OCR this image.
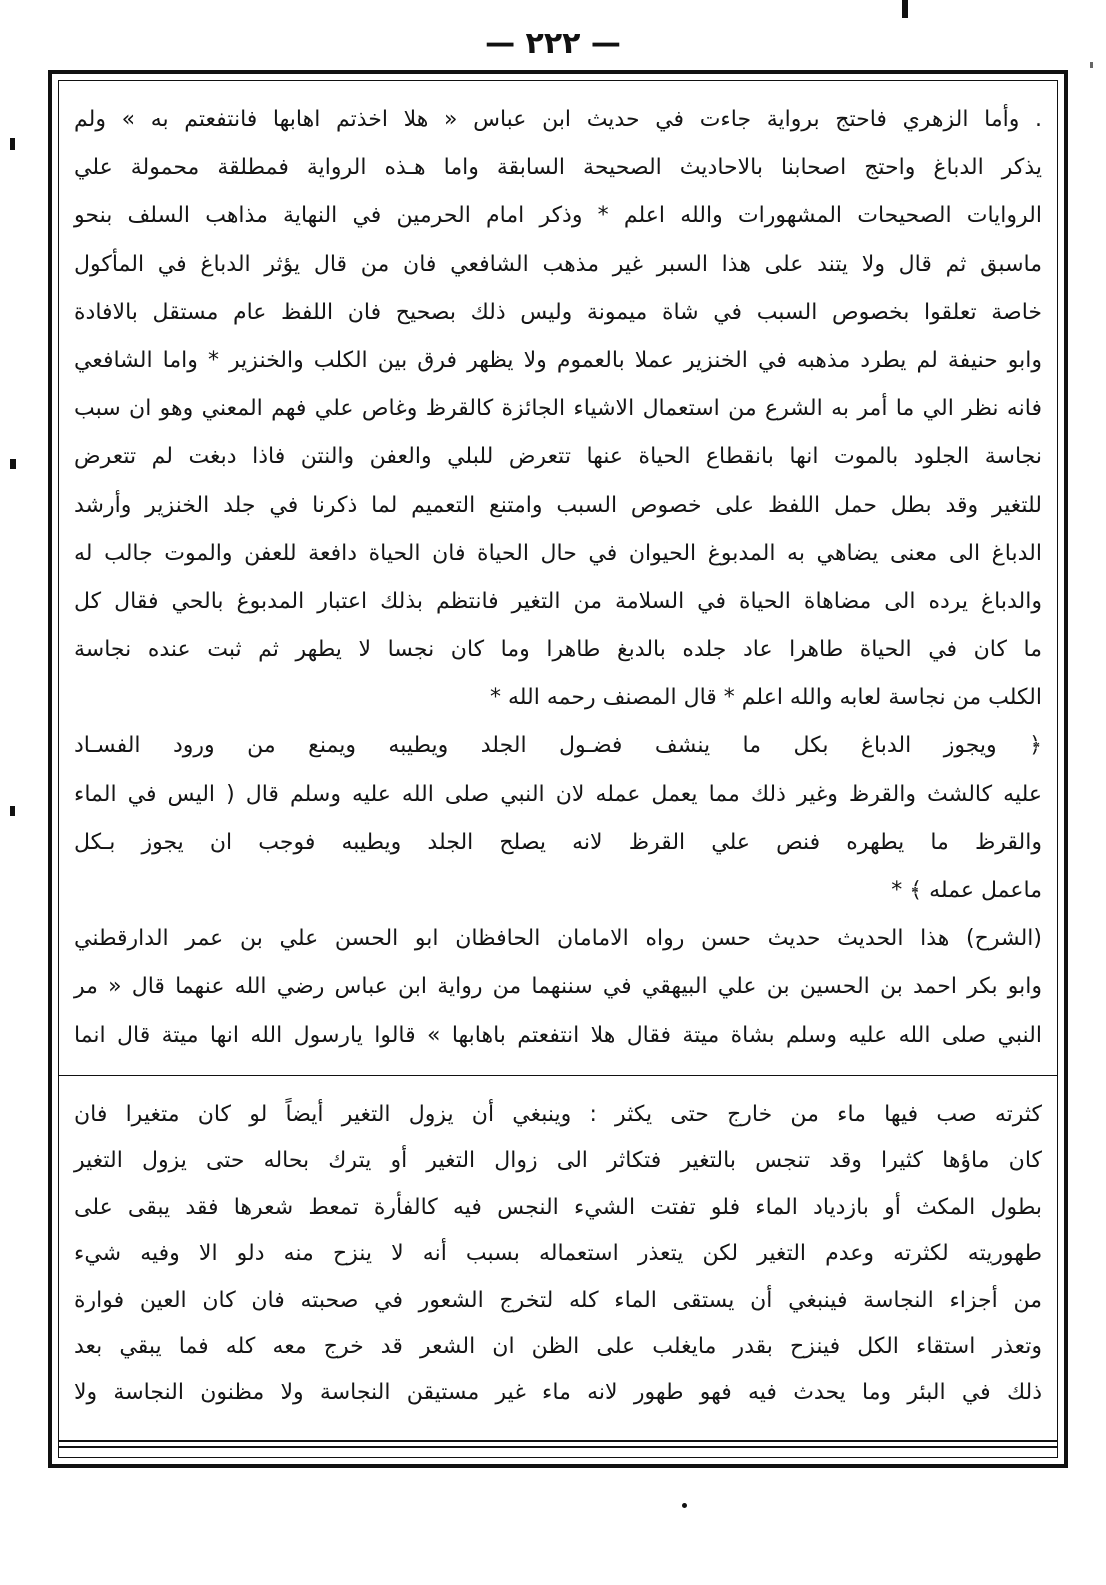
— ٢٢٢ —
. وأما الزهري فاحتج برواية جاءت في حديث ابن عباس « هلا اخذتم اهابها فانتفعتم به » ولم
يذكر الدباغ واحتج اصحابنا بالاحاديث الصحيحة السابقة واما هـذه الرواية فمطلقة محمولة علي
الروايات الصحيحات المشهورات والله اعلم * وذكر امام الحرمين في النهاية مذاهب السلف بنحو
ماسبق ثم قال ولا يتند على هذا السبر غير مذهب الشافعي فان من قال يؤثر الدباغ في المأكول
خاصة تعلقوا بخصوص السبب في شاة ميمونة وليس ذلك بصحيح فان اللفظ عام مستقل بالافادة
وابو حنيفة لم يطرد مذهبه في الخنزير عملا بالعموم ولا يظهر فرق بين الكلب والخنزير * واما الشافعي
فانه نظر الي ما أمر به الشرع من استعمال الاشياء الجائزة كالقرظ وغاص علي فهم المعني وهو ان سبب
نجاسة الجلود بالموت انها بانقطاع الحياة عنها تتعرض للبلي والعفن والنتن فاذا دبغت لم تتعرض
للتغير وقد بطل حمل اللفظ على خصوص السبب وامتنع التعميم لما ذكرنا في جلد الخنزير وأرشد
الدباغ الى معنى يضاهي به المدبوغ الحيوان في حال الحياة فان الحياة دافعة للعفن والموت جالب له
والدباغ يرده الى مضاهاة الحياة في السلامة من التغير فانتظم بذلك اعتبار المدبوغ بالحي فقال كل
ما كان في الحياة طاهرا عاد جلده بالدبغ طاهرا وما كان نجسا لا يطهر ثم ثبت عنده نجاسة
الكلب من نجاسة لعابه والله اعلم * قال المصنف رحمه الله *
﴿ ويجوز الدباغ بكل ما ينشف فضـول الجلد ويطيبه ويمنع من ورود الفسـاد
عليه كالشث والقرظ وغير ذلك مما يعمل عمله لان النبي صلى الله عليه وسلم قال ( اليس في الماء
والقرظ ما يطهره فنص علي القرظ لانه يصلح الجلد ويطيبه فوجب ان يجوز بـكل
ماعمل عمله ﴾ *
(الشرح) هذا الحديث حديث حسن رواه الامامان الحافظان ابو الحسن علي بن عمر الدارقطني
وابو بكر احمد بن الحسين بن علي البيهقي في سننهما من رواية ابن عباس رضي الله عنهما قال « مر
النبي صلى الله عليه وسلم بشاة ميتة فقال هلا انتفعتم باهابها » قالوا يارسول الله انها ميتة قال انما
كثرته صب فيها ماء من خارج حتى يكثر : وينبغي أن يزول التغير أيضاً لو كان متغيرا فان
كان ماؤها كثيرا وقد تنجس بالتغير فتكاثر الى زوال التغير أو يترك بحاله حتى يزول التغير
بطول المكث أو بازدياد الماء فلو تفتت الشيء النجس فيه كالفأرة تمعط شعرها فقد يبقى على
طهوريته لكثرته وعدم التغير لكن يتعذر استعماله بسبب أنه لا ينزح منه دلو الا وفيه شيء
من أجزاء النجاسة فينبغي أن يستقى الماء كله لتخرج الشعور في صحبته فان كان العين فوارة
وتعذر استقاء الكل فينزح بقدر مايغلب على الظن ان الشعر قد خرج معه كله فما يبقي بعد
ذلك في البئر وما يحدث فيه فهو طهور لانه ماء غير مستيقن النجاسة ولا مظنون النجاسة ولا
